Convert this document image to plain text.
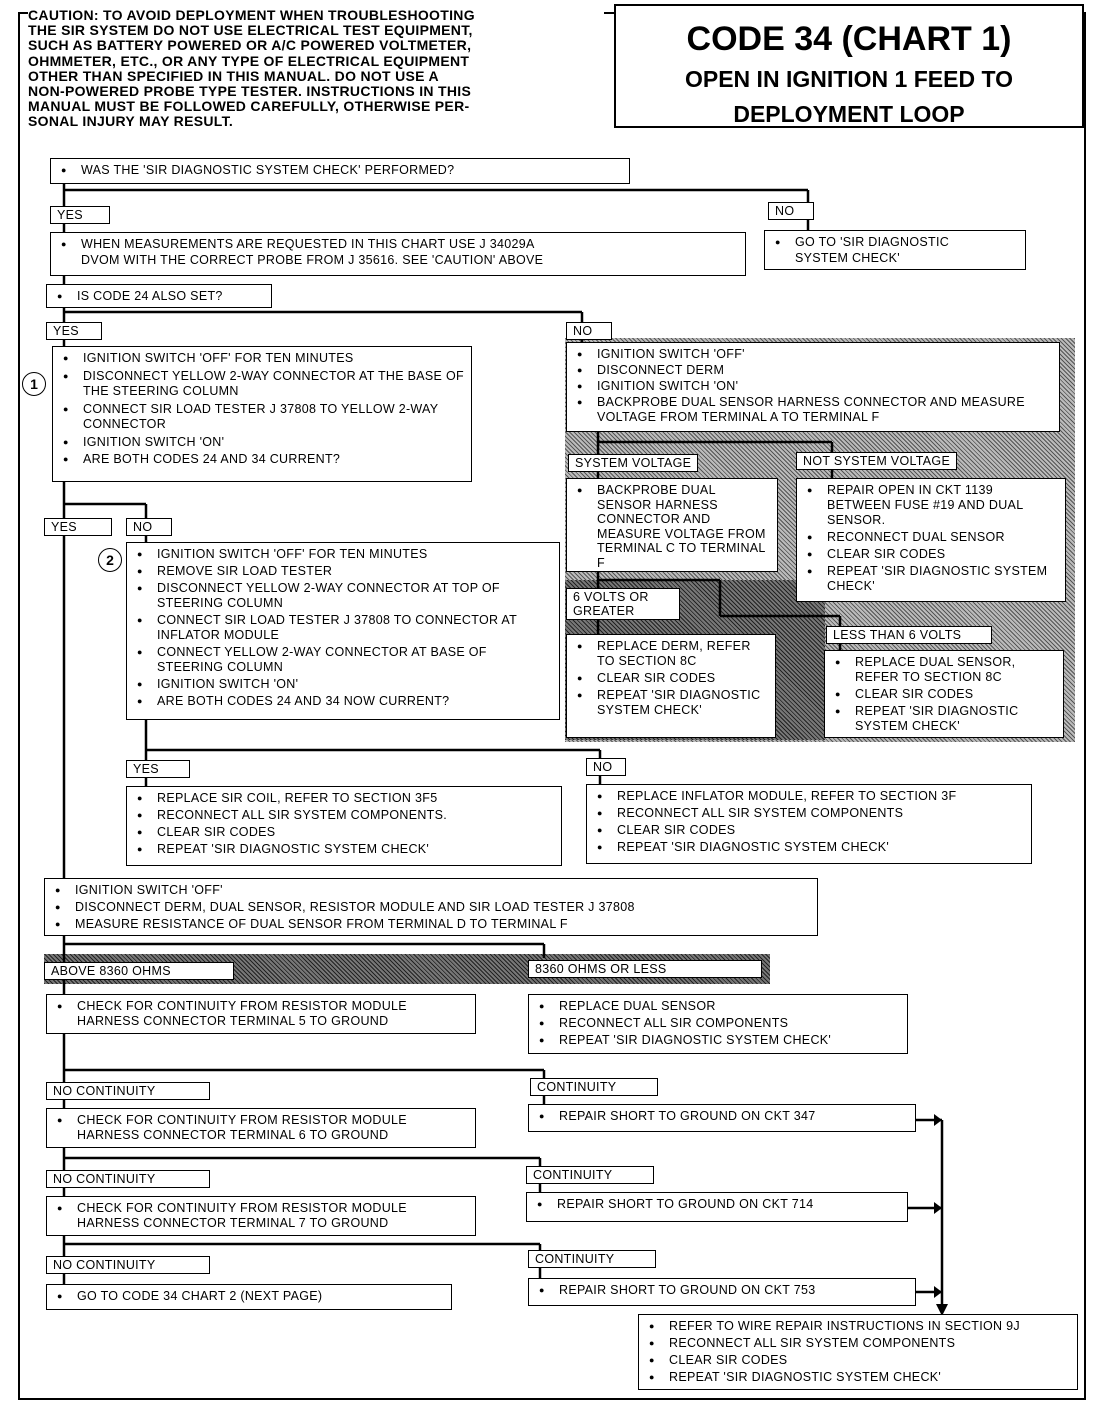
CAUTION: TO AVOID DEPLOYMENT WHEN TROUBLESHOOTING
THE SIR SYSTEM DO NOT USE ELECTRICAL TEST EQUIPMENT,
SUCH AS BATTERY POWERED OR A/C POWERED VOLTMETER,
OHMMETER, ETC., OR ANY TYPE OF ELECTRICAL EQUIPMENT
OTHER THAN SPECIFIED IN THIS MANUAL. DO NOT USE A
NON-POWERED PROBE TYPE TESTER. INSTRUCTIONS IN THIS
MANUAL MUST BE FOLLOWED CAREFULLY, OTHERWISE PER-
SONAL INJURY MAY RESULT.
CODE 34 (CHART 1)
OPEN IN IGNITION 1 FEED TO
DEPLOYMENT LOOP
● WAS THE 'SIR DIAGNOSTIC SYSTEM CHECK' PERFORMED?
YES	NO
● WHEN MEASUREMENTS ARE REQUESTED IN THIS CHART USE J 34029A
DVOM WITH THE CORRECT PROBE FROM J 35616. SEE 'CAUTION' ABOVE
● GO TO 'SIR DIAGNOSTIC
SYSTEM CHECK'
● IS CODE 24 ALSO SET?
YES	NO
1
● IGNITION SWITCH 'OFF' FOR TEN MINUTES
● DISCONNECT YELLOW 2-WAY CONNECTOR AT THE BASE OF THE STEERING COLUMN
● CONNECT SIR LOAD TESTER J 37808 TO YELLOW 2-WAY CONNECTOR
● IGNITION SWITCH 'ON'
● ARE BOTH CODES 24 AND 34 CURRENT?
● IGNITION SWITCH 'OFF'
● DISCONNECT DERM
● IGNITION SWITCH 'ON'
● BACKPROBE DUAL SENSOR HARNESS CONNECTOR AND MEASURE VOLTAGE FROM TERMINAL A TO TERMINAL F
SYSTEM VOLTAGE	NOT SYSTEM VOLTAGE
● BACKPROBE DUAL SENSOR HARNESS CONNECTOR AND MEASURE VOLTAGE FROM TERMINAL C TO TERMINAL F
● REPAIR OPEN IN CKT 1139 BETWEEN FUSE #19 AND DUAL SENSOR.
● RECONNECT DUAL SENSOR
● CLEAR SIR CODES
● REPEAT 'SIR DIAGNOSTIC SYSTEM CHECK'
6 VOLTS OR
GREATER
LESS THAN 6 VOLTS
● REPLACE DERM, REFER TO SECTION 8C
● CLEAR SIR CODES
● REPEAT 'SIR DIAGNOSTIC SYSTEM CHECK'
● REPLACE DUAL SENSOR, REFER TO SECTION 8C
● CLEAR SIR CODES
● REPEAT 'SIR DIAGNOSTIC SYSTEM CHECK'
YES	NO
2	● IGNITION SWITCH 'OFF' FOR TEN MINUTES
● REMOVE SIR LOAD TESTER
● DISCONNECT YELLOW 2-WAY CONNECTOR AT TOP OF STEERING COLUMN
● CONNECT SIR LOAD TESTER J 37808 TO CONNECTOR AT INFLATOR MODULE
● CONNECT YELLOW 2-WAY CONNECTOR AT BASE OF STEERING COLUMN
● IGNITION SWITCH 'ON'
● ARE BOTH CODES 24 AND 34 NOW CURRENT?
YES	NO
● REPLACE SIR COIL, REFER TO SECTION 3F5
● RECONNECT ALL SIR SYSTEM COMPONENTS.
● CLEAR SIR CODES
● REPEAT 'SIR DIAGNOSTIC SYSTEM CHECK'
● REPLACE INFLATOR MODULE, REFER TO SECTION 3F
● RECONNECT ALL SIR SYSTEM COMPONENTS
● CLEAR SIR CODES
● REPEAT 'SIR DIAGNOSTIC SYSTEM CHECK'
● IGNITION SWITCH 'OFF'
● DISCONNECT DERM, DUAL SENSOR, RESISTOR MODULE AND SIR LOAD TESTER J 37808
● MEASURE RESISTANCE OF DUAL SENSOR FROM TERMINAL D TO TERMINAL F
ABOVE 8360 OHMS	8360 OHMS OR LESS
● CHECK FOR CONTINUITY FROM RESISTOR MODULE HARNESS CONNECTOR TERMINAL 5 TO GROUND
● REPLACE DUAL SENSOR
● RECONNECT ALL SIR COMPONENTS
● REPEAT 'SIR DIAGNOSTIC SYSTEM CHECK'
NO CONTINUITY	CONTINUITY
● CHECK FOR CONTINUITY FROM RESISTOR MODULE HARNESS CONNECTOR TERMINAL 6 TO GROUND
● REPAIR SHORT TO GROUND ON CKT 347
NO CONTINUITY	CONTINUITY
● CHECK FOR CONTINUITY FROM RESISTOR MODULE HARNESS CONNECTOR TERMINAL 7 TO GROUND
● REPAIR SHORT TO GROUND ON CKT 714
NO CONTINUITY	CONTINUITY
● GO TO CODE 34 CHART 2 (NEXT PAGE)	● REPAIR SHORT TO GROUND ON CKT 753
● REFER TO WIRE REPAIR INSTRUCTIONS IN SECTION 9J
● RECONNECT ALL SIR SYSTEM COMPONENTS
● CLEAR SIR CODES
● REPEAT 'SIR DIAGNOSTIC SYSTEM CHECK'
